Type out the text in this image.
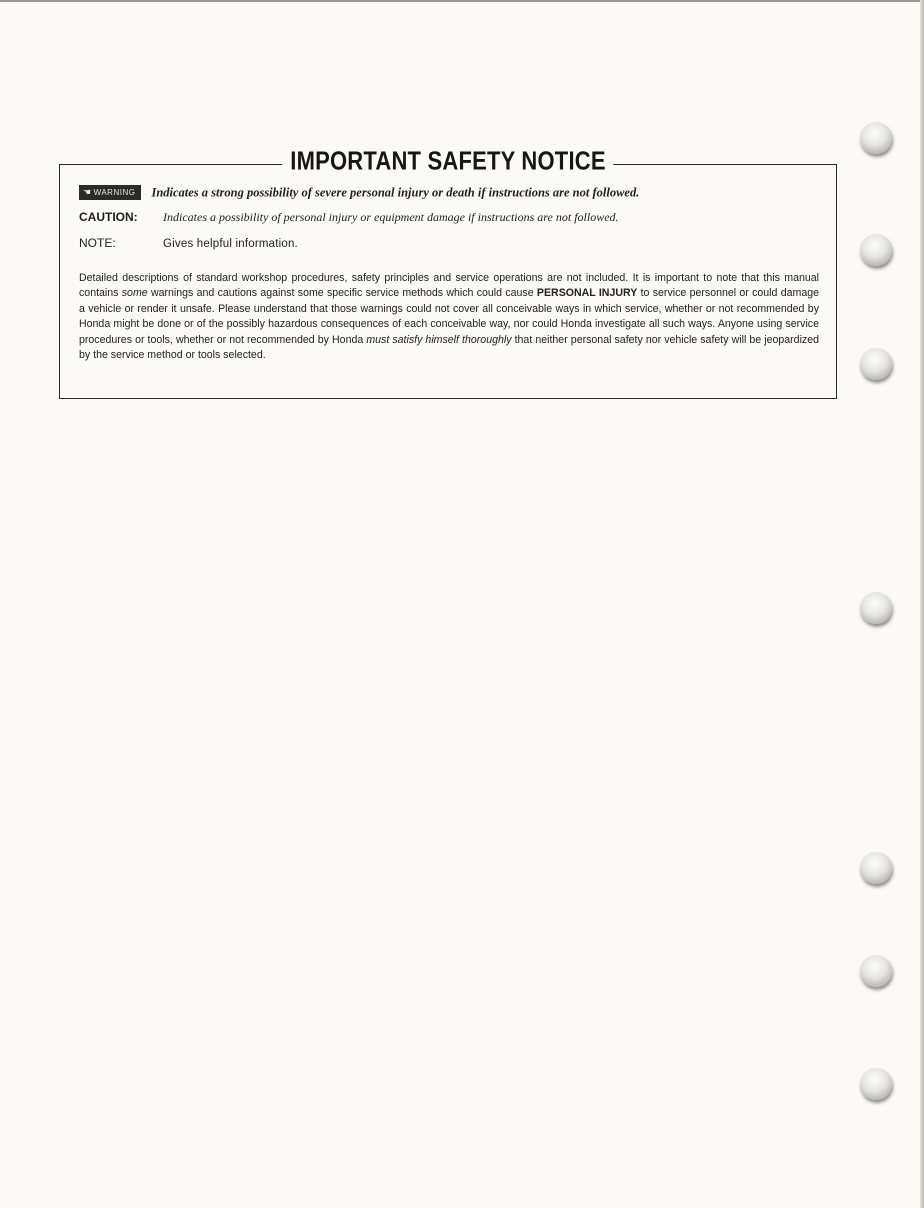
IMPORTANT SAFETY NOTICE
☚ WARNING Indicates a strong possibility of severe personal injury or death if instructions are not followed.
CAUTION: Indicates a possibility of personal injury or equipment damage if instructions are not followed.
NOTE:	Gives helpful information.
Detailed descriptions of standard workshop procedures, safety principles and service operations are not included. It is important to note that this manual contains some warnings and cautions against some specific service methods which could cause PERSONAL INJURY to service personnel or could damage a vehicle or render it unsafe. Please understand that those warnings could not cover all conceivable ways in which service, whether or not recommended by Honda might be done or of the possibly hazardous consequences of each conceivable way, nor could Honda investigate all such ways. Anyone using service procedures or tools, whether or not recommended by Honda must satisfy himself thoroughly that neither personal safety nor vehicle safety will be jeopardized by the service method or tools selected.
